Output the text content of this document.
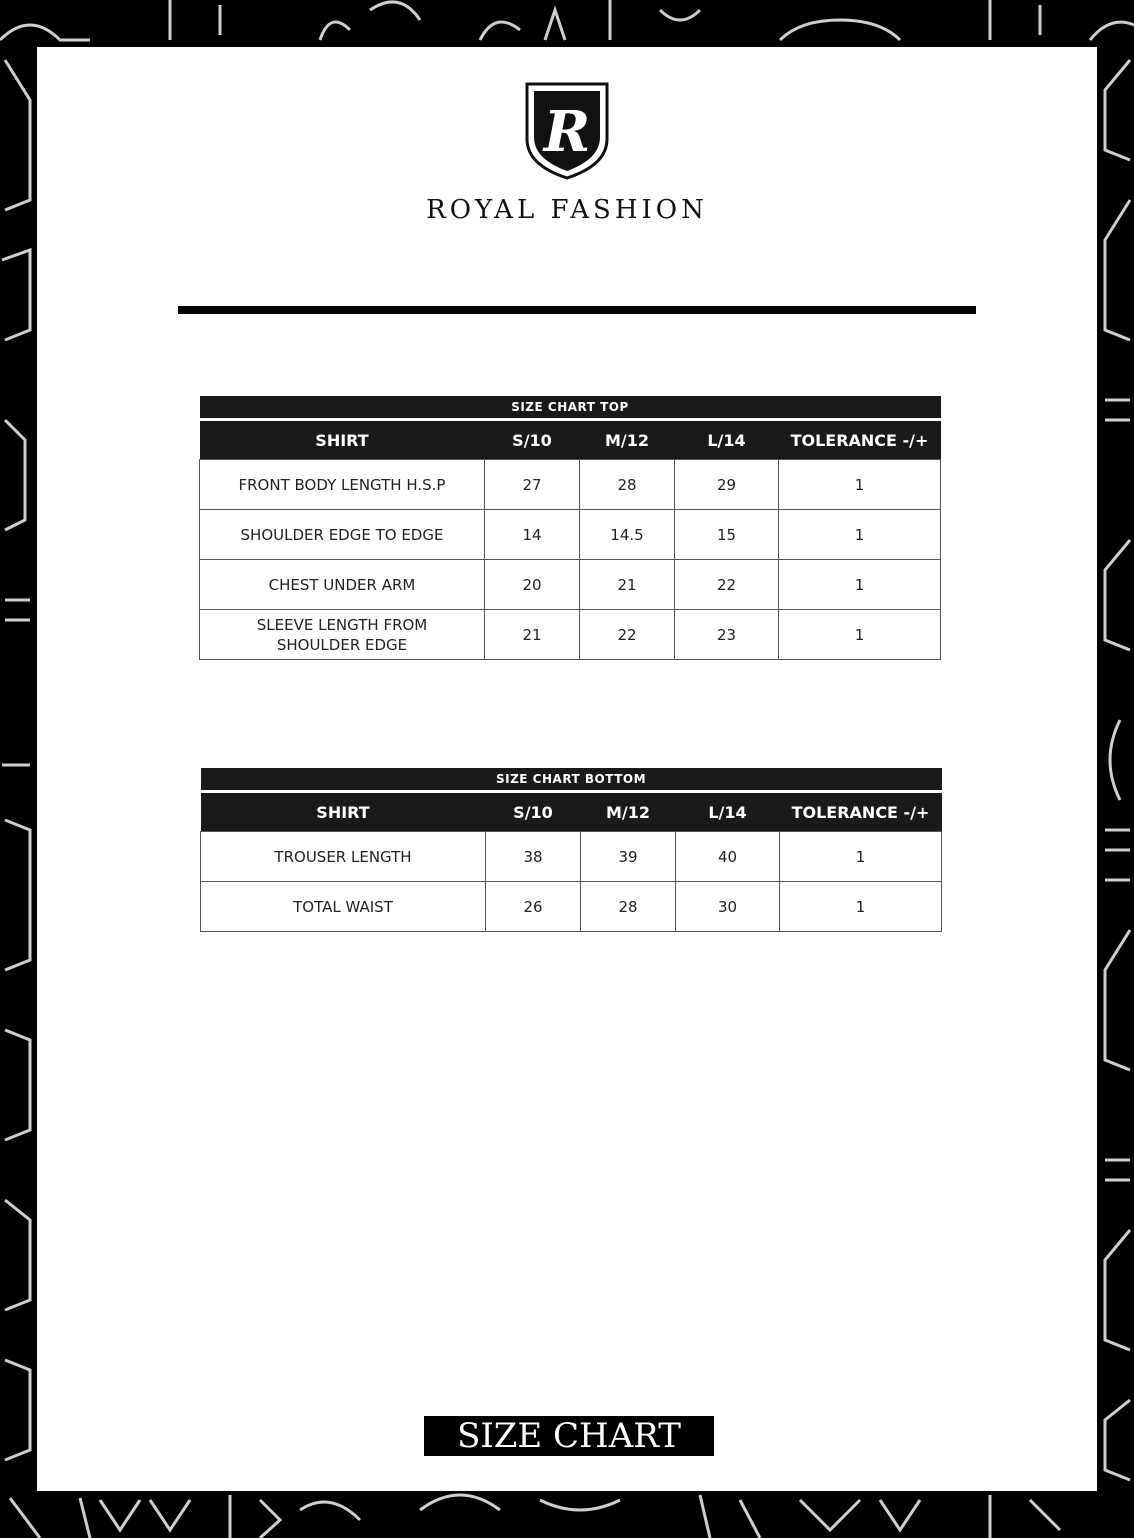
R
ROYAL FASHION
SIZE CHART TOP				
SHIRT	S/10	M/12	L/14	TOLERANCE -/+
FRONT BODY LENGTH H.S.P	27	28	29	1
SHOULDER EDGE TO EDGE	14	14.5	15	1
CHEST UNDER ARM	20	21	22	1
SLEEVE LENGTH FROM SHOULDER EDGE	21	22	23	1
SIZE CHART BOTTOM				
SHIRT	S/10	M/12	L/14	TOLERANCE -/+
TROUSER LENGTH	38	39	40	1
TOTAL WAIST	26	28	30	1
SIZE CHART
